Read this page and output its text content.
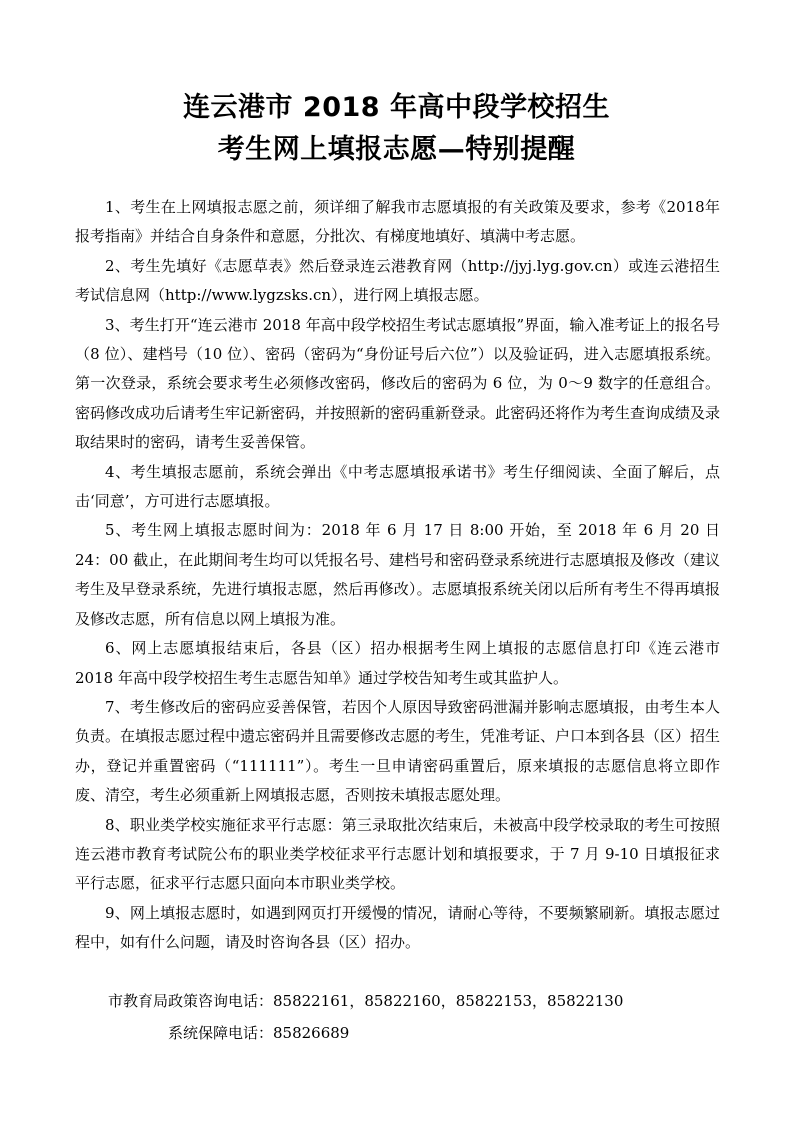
连云港市 2018 年高中段学校招生
考生网上填报志愿—特别提醒

1、考生在上网填报志愿之前，须详细了解我市志愿填报的有关政策及要求，参考《2018年报考指南》并结合自身条件和意愿，分批次、有梯度地填好、填满中考志愿。

2、考生先填好《志愿草表》然后登录连云港教育网（http://jyj.lyg.gov.cn）或连云港招生考试信息网（http://www.lygzsks.cn），进行网上填报志愿。

3、考生打开“连云港市 2018 年高中段学校招生考试志愿填报”界面，输入准考证上的报名号（8 位）、建档号（10 位）、密码（密码为“身份证号后六位”）以及验证码，进入志愿填报系统。第一次登录，系统会要求考生必须修改密码，修改后的密码为 6 位，为 0～9 数字的任意组合。密码修改成功后请考生牢记新密码，并按照新的密码重新登录。此密码还将作为考生查询成绩及录取结果时的密码，请考生妥善保管。

4、考生填报志愿前，系统会弹出《中考志愿填报承诺书》考生仔细阅读、全面了解后，点击‘同意’，方可进行志愿填报。

5、考生网上填报志愿时间为：2018 年 6 月 17 日 8:00 开始，至 2018 年 6 月 20 日 24：00 截止，在此期间考生均可以凭报名号、建档号和密码登录系统进行志愿填报及修改（建议考生及早登录系统，先进行填报志愿，然后再修改）。志愿填报系统关闭以后所有考生不得再填报及修改志愿，所有信息以网上填报为准。

6、网上志愿填报结束后，各县（区）招办根据考生网上填报的志愿信息打印《连云港市 2018 年高中段学校招生考生志愿告知单》通过学校告知考生或其监护人。

7、考生修改后的密码应妥善保管，若因个人原因导致密码泄漏并影响志愿填报，由考生本人负责。在填报志愿过程中遗忘密码并且需要修改志愿的考生，凭准考证、户口本到各县（区）招生办，登记并重置密码（“111111”）。考生一旦申请密码重置后，原来填报的志愿信息将立即作废、清空，考生必须重新上网填报志愿，否则按未填报志愿处理。

8、职业类学校实施征求平行志愿：第三录取批次结束后，未被高中段学校录取的考生可按照连云港市教育考试院公布的职业类学校征求平行志愿计划和填报要求，于 7 月 9-10 日填报征求平行志愿，征求平行志愿只面向本市职业类学校。

9、网上填报志愿时，如遇到网页打开缓慢的情况，请耐心等待，不要频繁刷新。填报志愿过程中，如有什么问题，请及时咨询各县（区）招办。

市教育局政策咨询电话：85822161，85822160，85822153，85822130
系统保障电话：85826689
